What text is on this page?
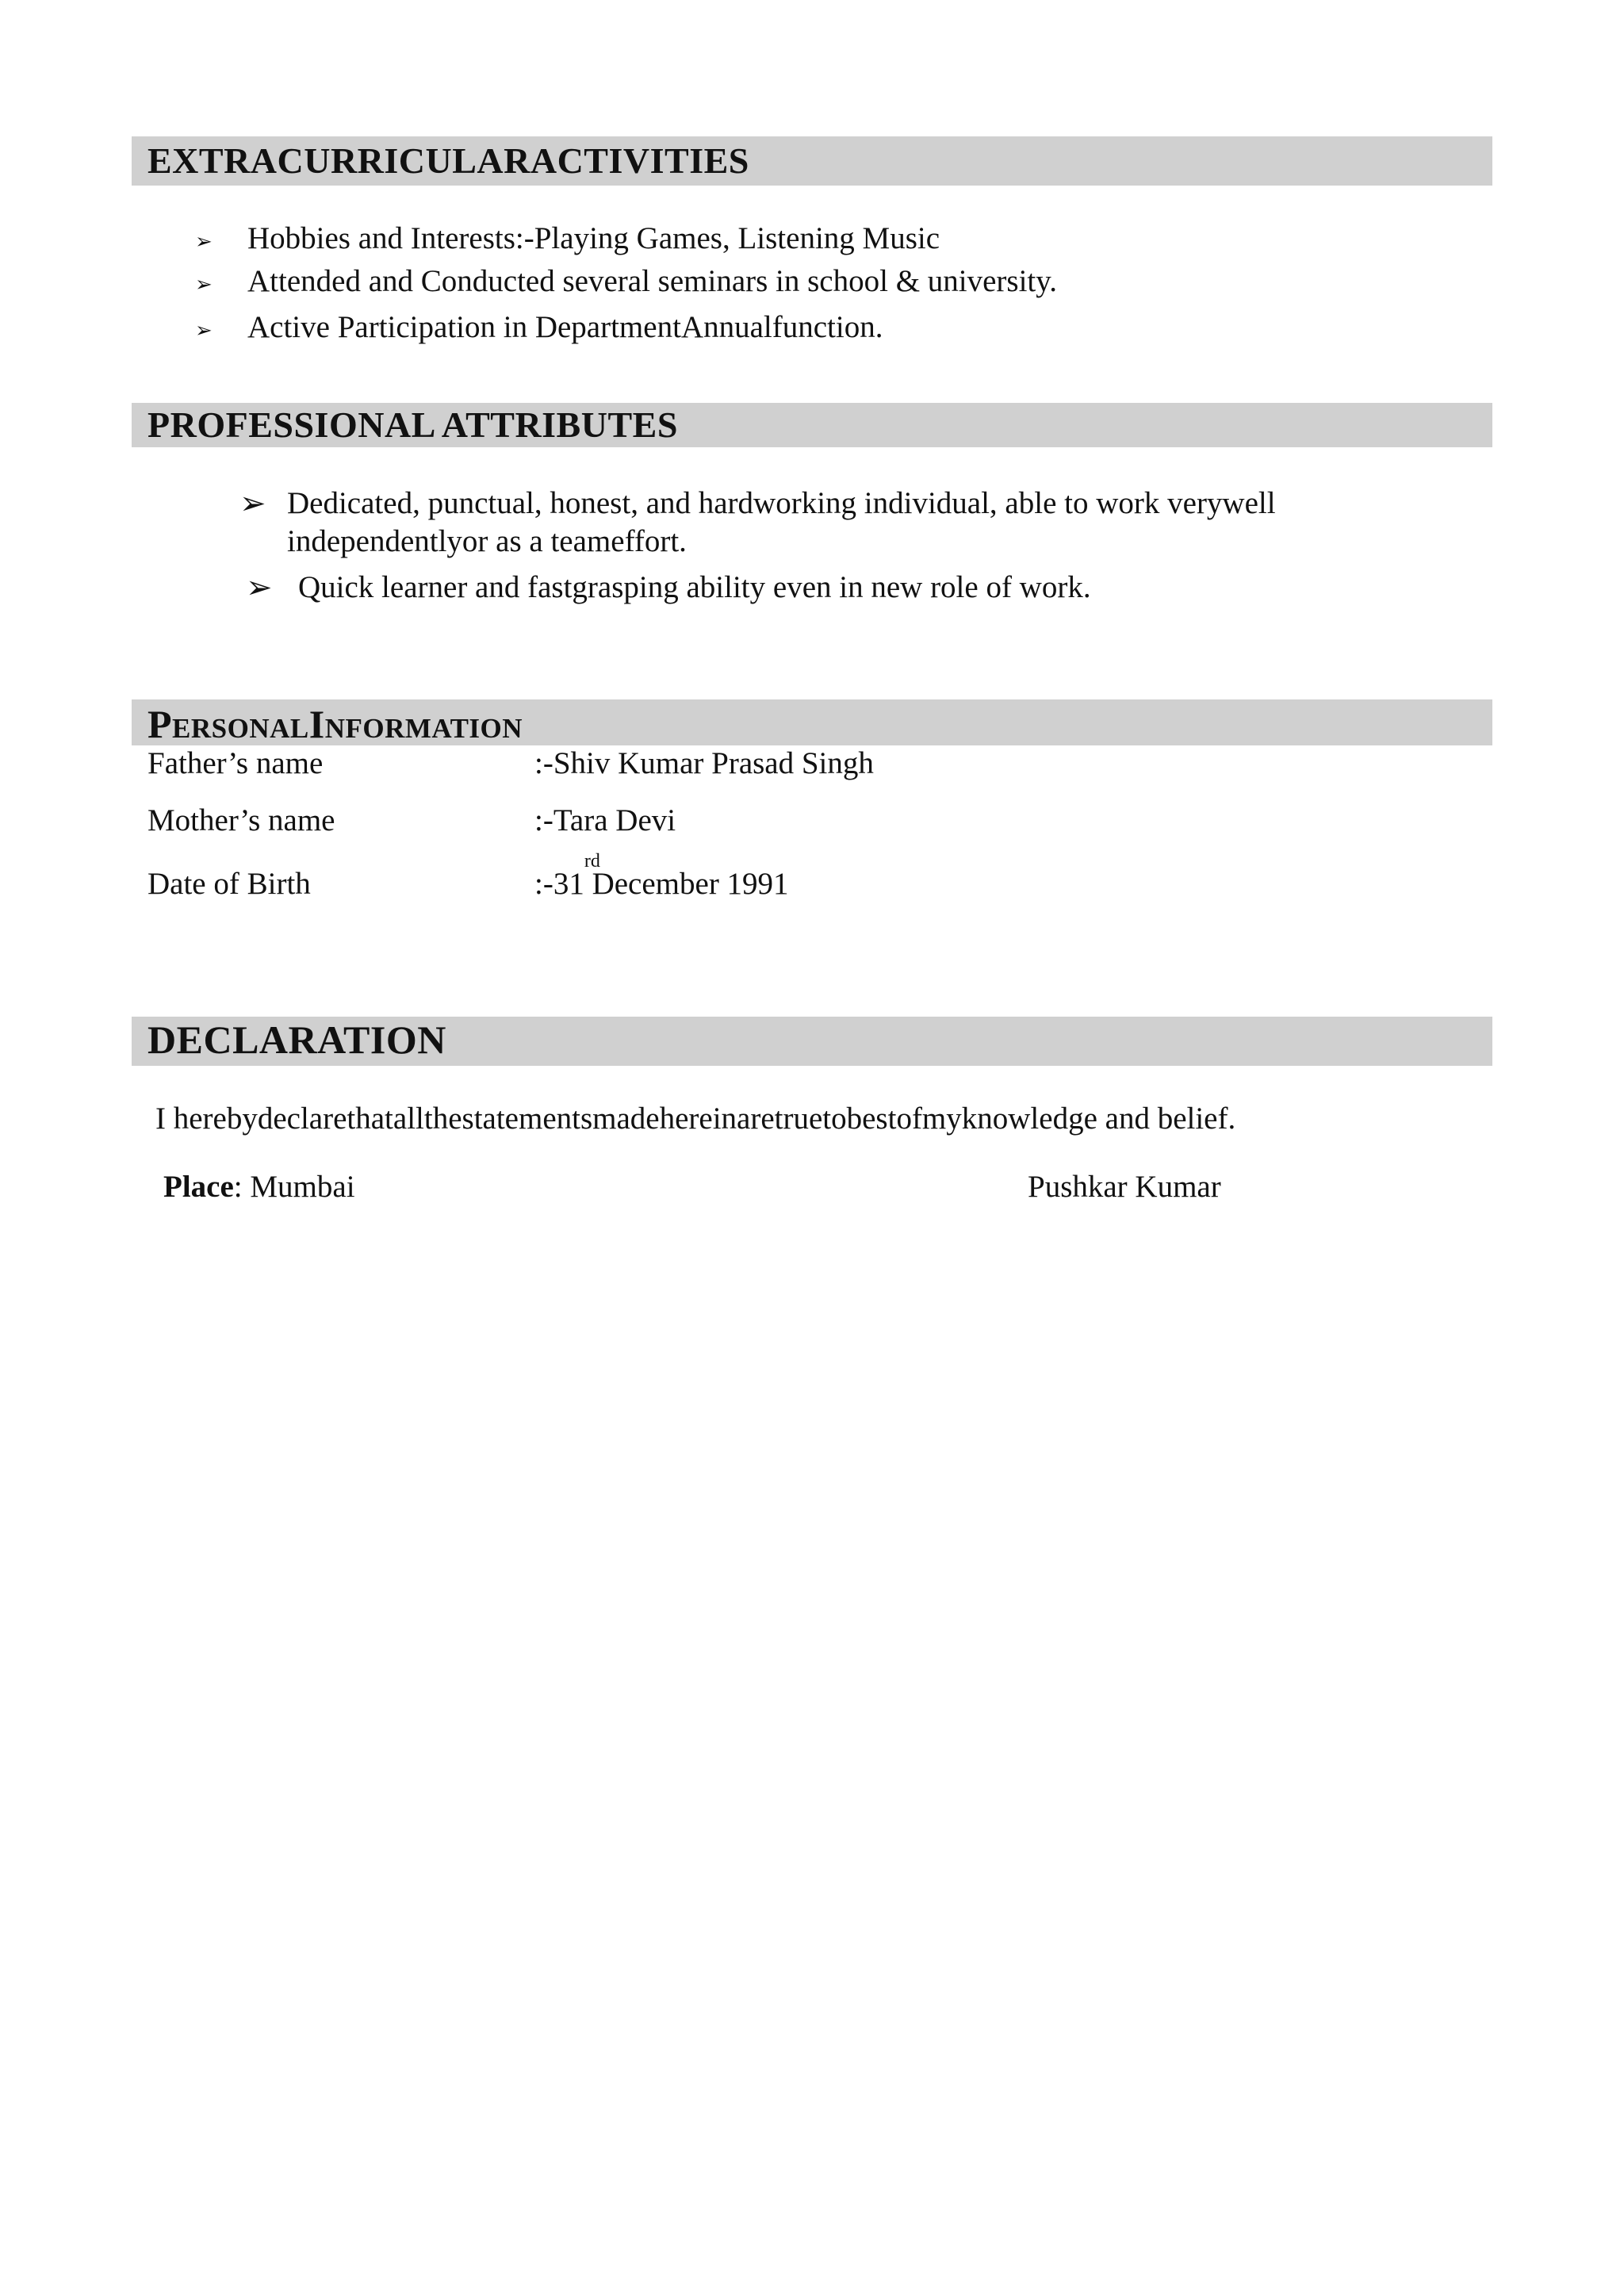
EXTRACURRICULARACTIVITIES
➢ Hobbies and Interests:-Playing Games, Listening Music
➢ Attended and Conducted several seminars in school & university.
➢ Active Participation in DepartmentAnnualfunction.
PROFESSIONAL ATTRIBUTES
➢ Dedicated, punctual, honest, and hardworking individual, able to work verywell
independentlyor as a teameffort.
➢ Quick learner and fastgrasping ability even in new role of work.
PersonalInformation
Father’s name	:-Shiv Kumar Prasad Singh
Mother’s name	:-Tara Devi
Date of Birth	:-31rd December 1991
DECLARATION
I herebydeclarethatallthestatementsmadehereinaretruetobestofmyknowledge and belief.
Place: Mumbai	Pushkar Kumar
